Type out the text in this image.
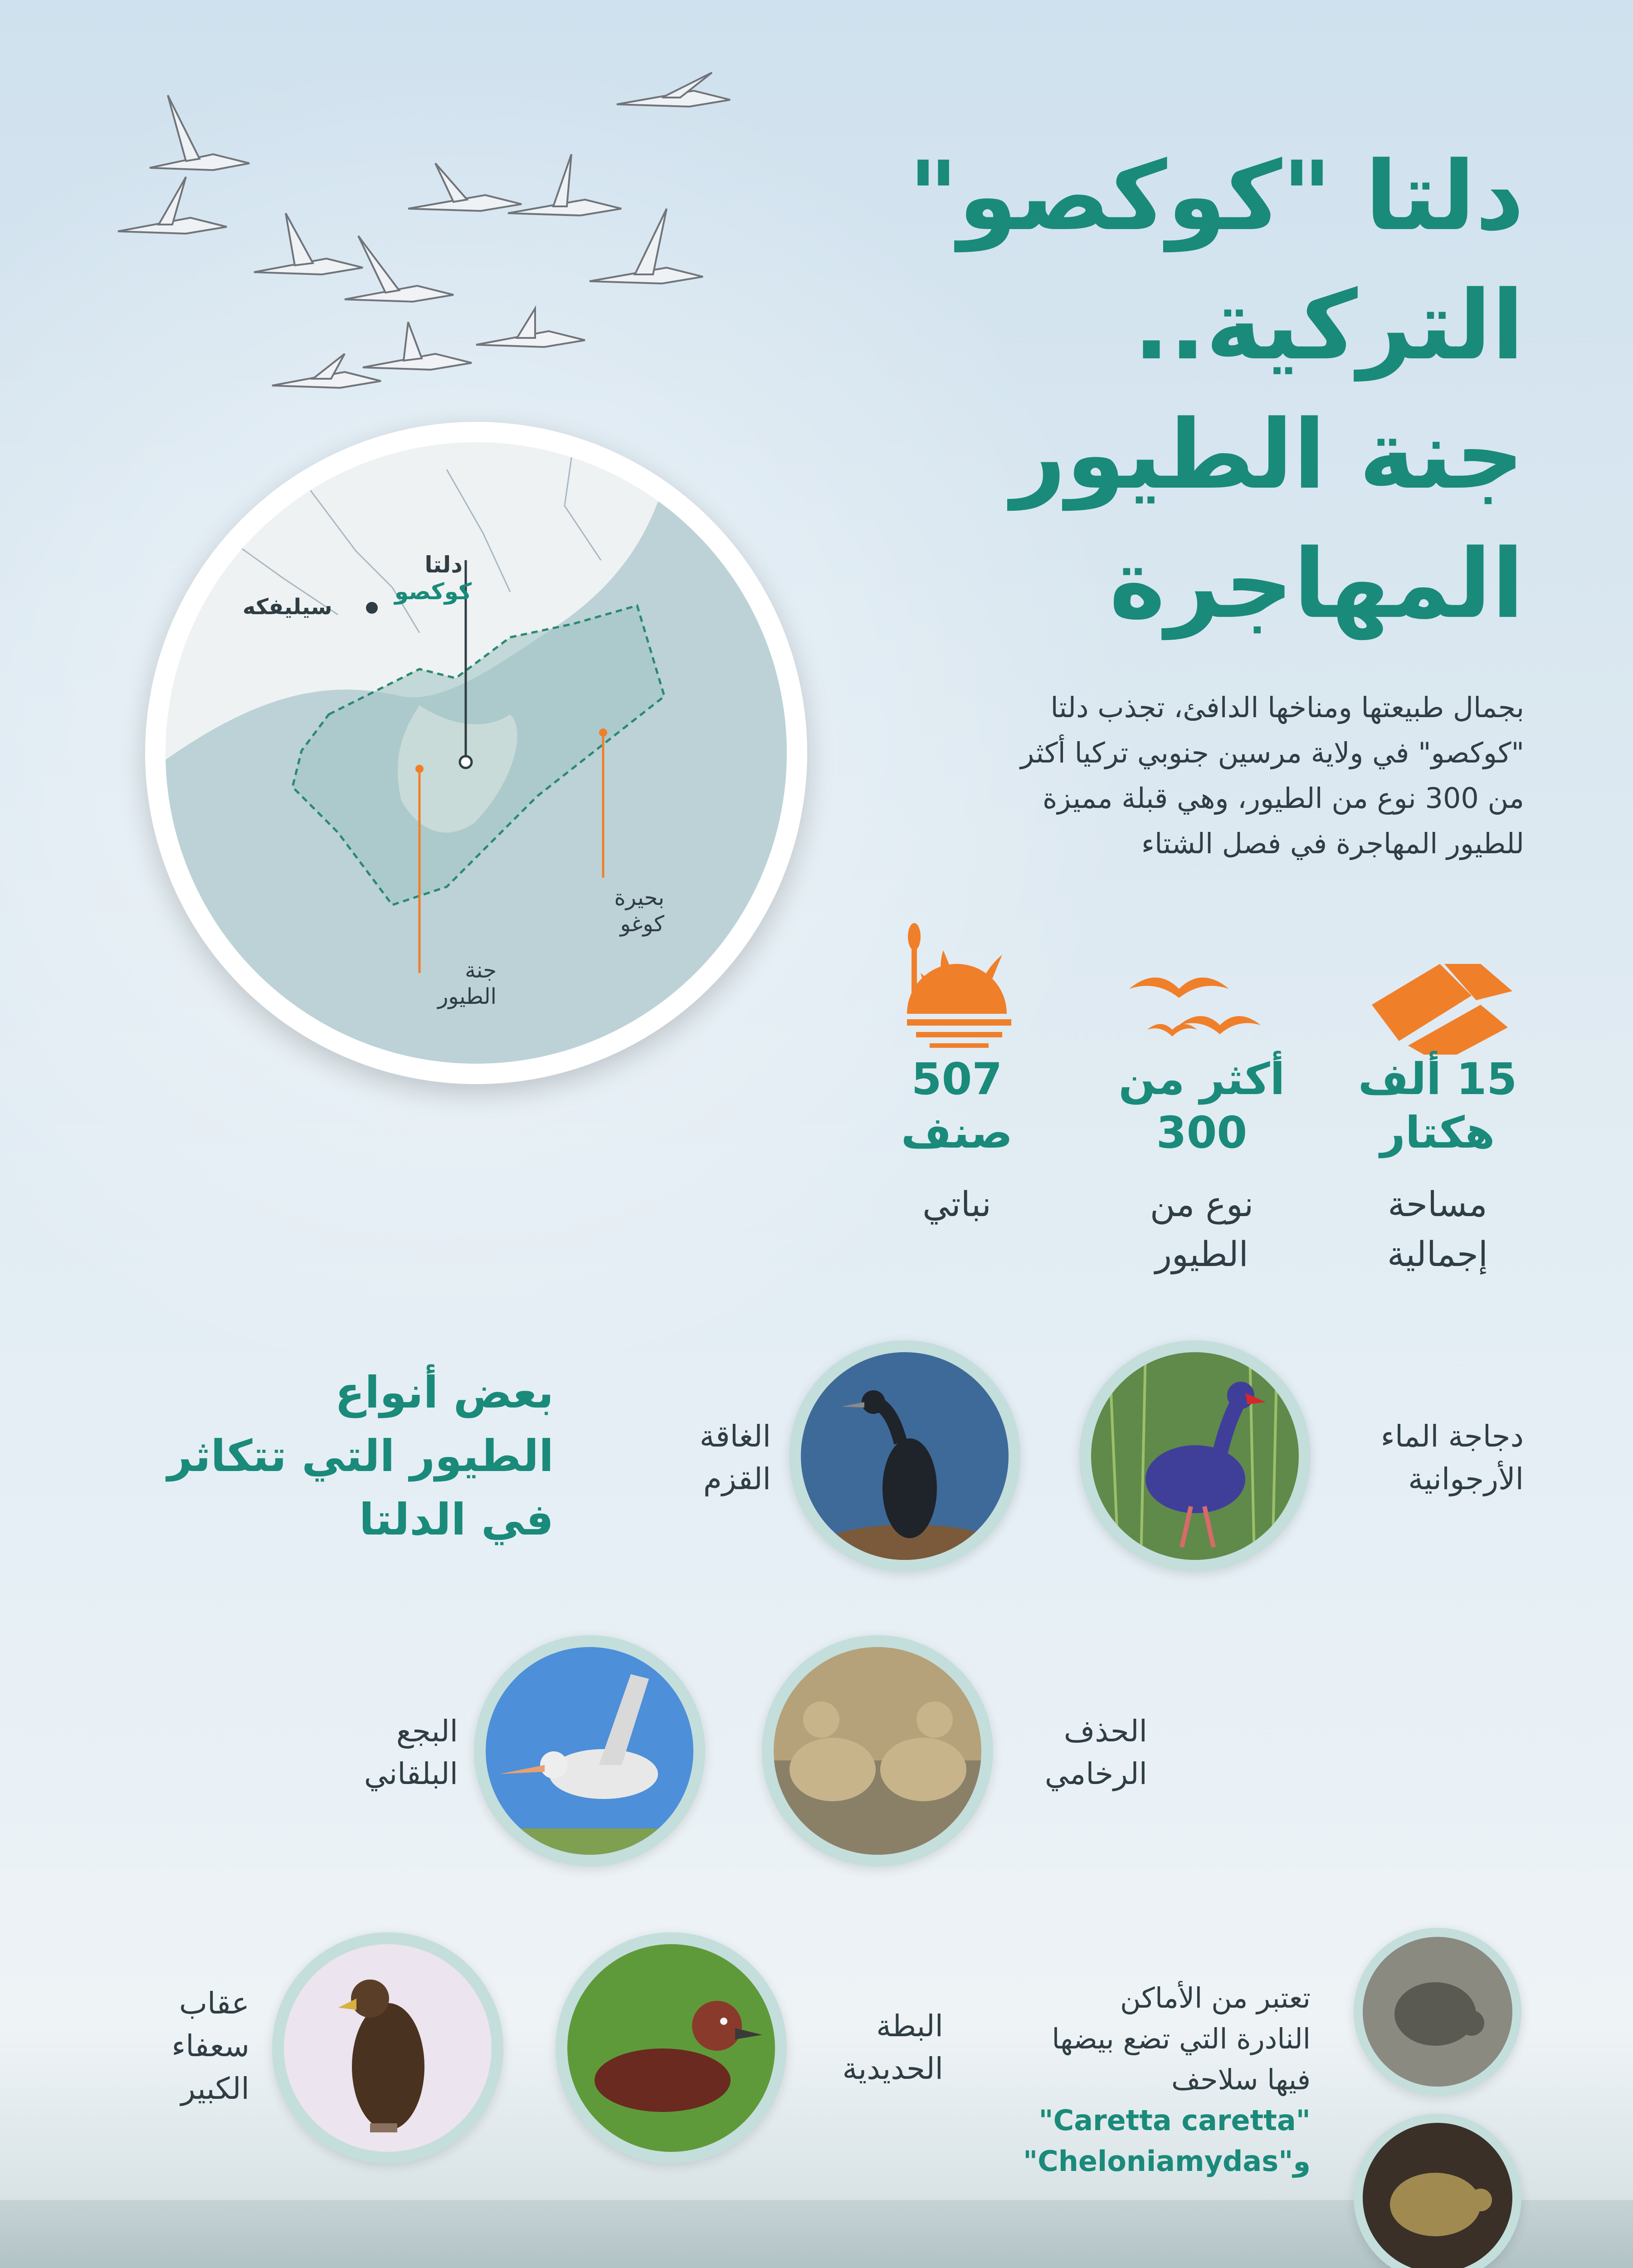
دلتا "كوكصو"
التركية..
جنة الطيور
المهاجرة
بجمال طبيعتها ومناخها الدافئ، تجذب دلتا
"كوكصو" في ولاية مرسين جنوبي تركيا أكثر
من 300 نوع من الطيور، وهي قبلة مميزة
للطيور المهاجرة في فصل الشتاء
سيليفكه
دلتا
كوكصو
بحيرة
كوغو
جنة
الطيور
15 ألف
هكتار
مساحة
إجمالية
أكثر من
300
نوع من
الطيور
507
صنف
نباتي
بعض أنواع
الطيور التي تتكاثر
في الدلتا
دجاجة الماء
الأرجوانية
الغاقة
القزم
الحذف
الرخامي
البجع
البلقاني
البطة
الحديدية
عقاب
سعفاء
الكبير
تعتبر من الأماكن
النادرة التي تضع بيضها
فيها سلاحف
"Caretta caretta"
و"Cheloniamydas"
